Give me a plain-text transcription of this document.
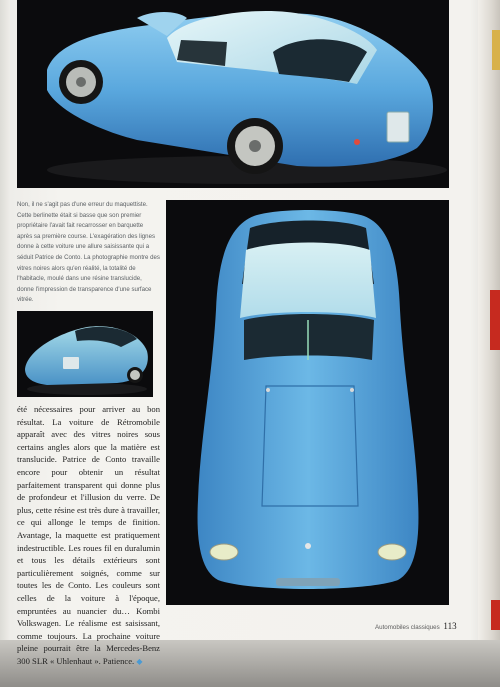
Non, il ne s'agit pas d'une erreur du maquettiste. Cette berlinette était si basse que son premier propriétaire l'avait fait recarrosser en barquette après sa première course. L'exagération des lignes donne à cette voiture une allure saisissante qui a séduit Patrice de Conto. La photographie montre des vitres noires alors qu'en réalité, la totalité de l'habitacle, moulé dans une résine translucide, donne l'impression de transparence d'une surface vitrée.

été nécessaires pour arriver au bon résultat. La voiture de Rétromobile apparaît avec des vitres noires sous certains angles alors que la matière est translucide. Patrice de Conto travaille encore pour obtenir un résultat parfaitement transparent qui donne plus de profondeur et l'illusion du verre. De plus, cette résine est très dure à travailler, ce qui allonge le temps de finition. Avantage, la maquette est pratiquement indestructible. Les roues fil en duralumin et tous les détails extérieurs sont particulièrement soignés, comme sur toutes les de Conto. Les couleurs sont celles de la voiture à l'époque, empruntées au nuancier du… Kombi Volkswagen. Le réalisme est saisissant, comme toujours. La prochaine voiture pleine pourrait être la Mercedes-Benz 300 SLR « Uhlenhaut ». Patience. ◆

Automobiles classiques 113
